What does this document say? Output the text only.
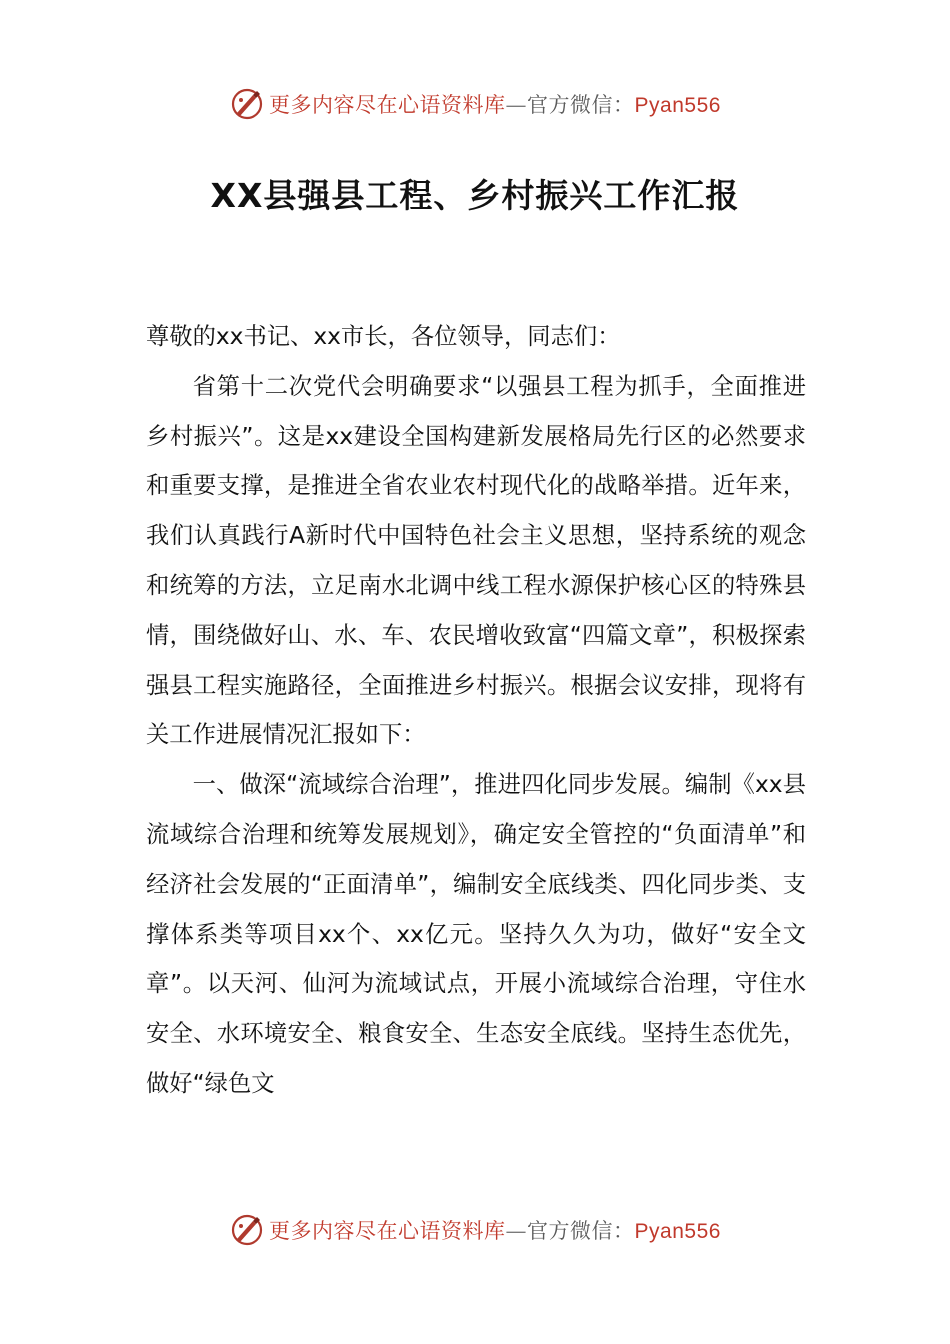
更多内容尽在心语资料库—官方微信：Pyan556
XX县强县工程、乡村振兴工作汇报

尊敬的xx书记、xx市长，各位领导，同志们：

省第十二次党代会明确要求“以强县工程为抓手，全面推进乡村振兴”。这是xx建设全国构建新发展格局先行区的必然要求和重要支撑，是推进全省农业农村现代化的战略举措。近年来，我们认真践行A新时代中国特色社会主义思想，坚持系统的观念和统筹的方法，立足南水北调中线工程水源保护核心区的特殊县情，围绕做好山、水、车、农民增收致富“四篇文章”，积极探索强县工程实施路径，全面推进乡村振兴。根据会议安排，现将有关工作进展情况汇报如下：

一、做深“流域综合治理”，推进四化同步发展。编制《xx县流域综合治理和统筹发展规划》，确定安全管控的“负面清单”和经济社会发展的“正面清单”，编制安全底线类、四化同步类、支撑体系类等项目xx个、xx亿元。坚持久久为功，做好“安全文章”。以天河、仙河为流域试点，开展小流域综合治理，守住水安全、水环境安全、粮食安全、生态安全底线。坚持生态优先，做好“绿色文

更多内容尽在心语资料库—官方微信：Pyan556
